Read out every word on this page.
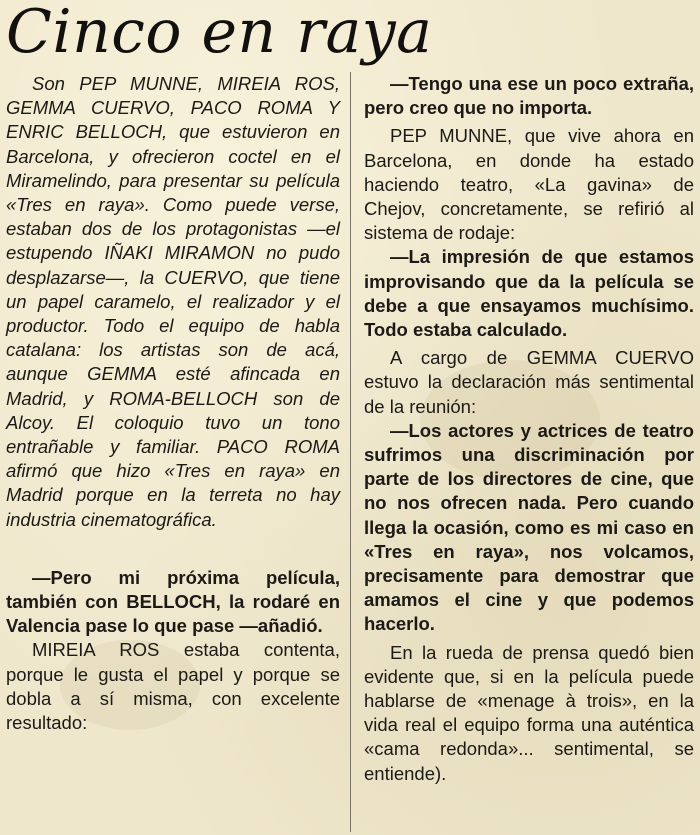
Cinco en raya

Son PEP MUNNE, MIREIA ROS, GEMMA CUERVO, PACO ROMA Y ENRIC BELLOCH, que estuvieron en Barcelona, y ofrecieron coctel en el Miramelindo, para presentar su película «Tres en raya». Como puede verse, estaban dos de los protagonistas —el estupendo IÑAKI MIRAMON no pudo desplazarse—, la CUERVO, que tiene un papel caramelo, el realizador y el productor. Todo el equipo de habla catalana: los artistas son de acá, aunque GEMMA esté afincada en Madrid, y ROMA-BELLOCH son de Alcoy. El coloquio tuvo un tono entrañable y familiar. PACO ROMA afirmó que hizo «Tres en raya» en Madrid porque en la terreta no hay industria cinematográfica.

—Pero mi próxima película, también con BELLOCH, la rodaré en Valencia pase lo que pase —añadió.

MIREIA ROS estaba contenta, porque le gusta el papel y porque se dobla a sí misma, con excelente resultado:

—Tengo una ese un poco extraña, pero creo que no importa.

PEP MUNNE, que vive ahora en Barcelona, en donde ha estado haciendo teatro, «La gavina» de Chejov, concretamente, se refirió al sistema de rodaje:

—La impresión de que estamos improvisando que da la película se debe a que ensayamos muchísimo. Todo estaba calculado.

A cargo de GEMMA CUERVO estuvo la declaración más sentimental de la reunión:

—Los actores y actrices de teatro sufrimos una discriminación por parte de los directores de cine, que no nos ofrecen nada. Pero cuando llega la ocasión, como es mi caso en «Tres en raya», nos volcamos, precisamente para demostrar que amamos el cine y que podemos hacerlo.

En la rueda de prensa quedó bien evidente que, si en la película puede hablarse de «menage à trois», en la vida real el equipo forma una auténtica «cama redonda»... sentimental, se entiende).
